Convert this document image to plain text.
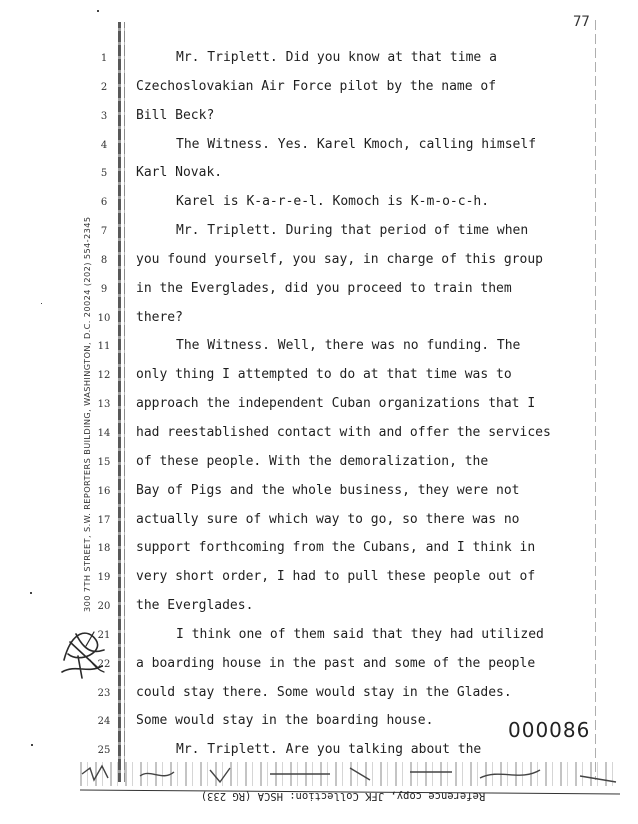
77
300 7TH STREET, S.W. REPORTERS BUILDING, WASHINGTON, D.C. 20024 (202) 554-2345
1
2
3
4
5
6
7
8
9
10
11
12
13
14
15
16
17
18
19
20
21
22
23
24
25
Mr. Triplett. Did you know at that time a
Czechoslovakian Air Force pilot by the name of
Bill Beck?
The Witness. Yes. Karel Kmoch, calling himself
Karl Novak.
Karel is K-a-r-e-l. Komoch is K-m-o-c-h.
Mr. Triplett. During that period of time when
you found yourself, you say, in charge of this group
in the Everglades, did you proceed to train them
there?
The Witness. Well, there was no funding. The
only thing I attempted to do at that time was to
approach the independent Cuban organizations that I
had reestablished contact with and offer the services
of these people. With the demoralization, the
Bay of Pigs and the whole business, they were not
actually sure of which way to go, so there was no
support forthcoming from the Cubans, and I think in
very short order, I had to pull these people out of
the Everglades.
I think one of them said that they had utilized
a boarding house in the past and some of the people
could stay there. Some would stay in the Glades.
Some would stay in the boarding house.
Mr. Triplett. Are you talking about the
000086
Reference copy, JFK Collection: HSCA (RG 233)
